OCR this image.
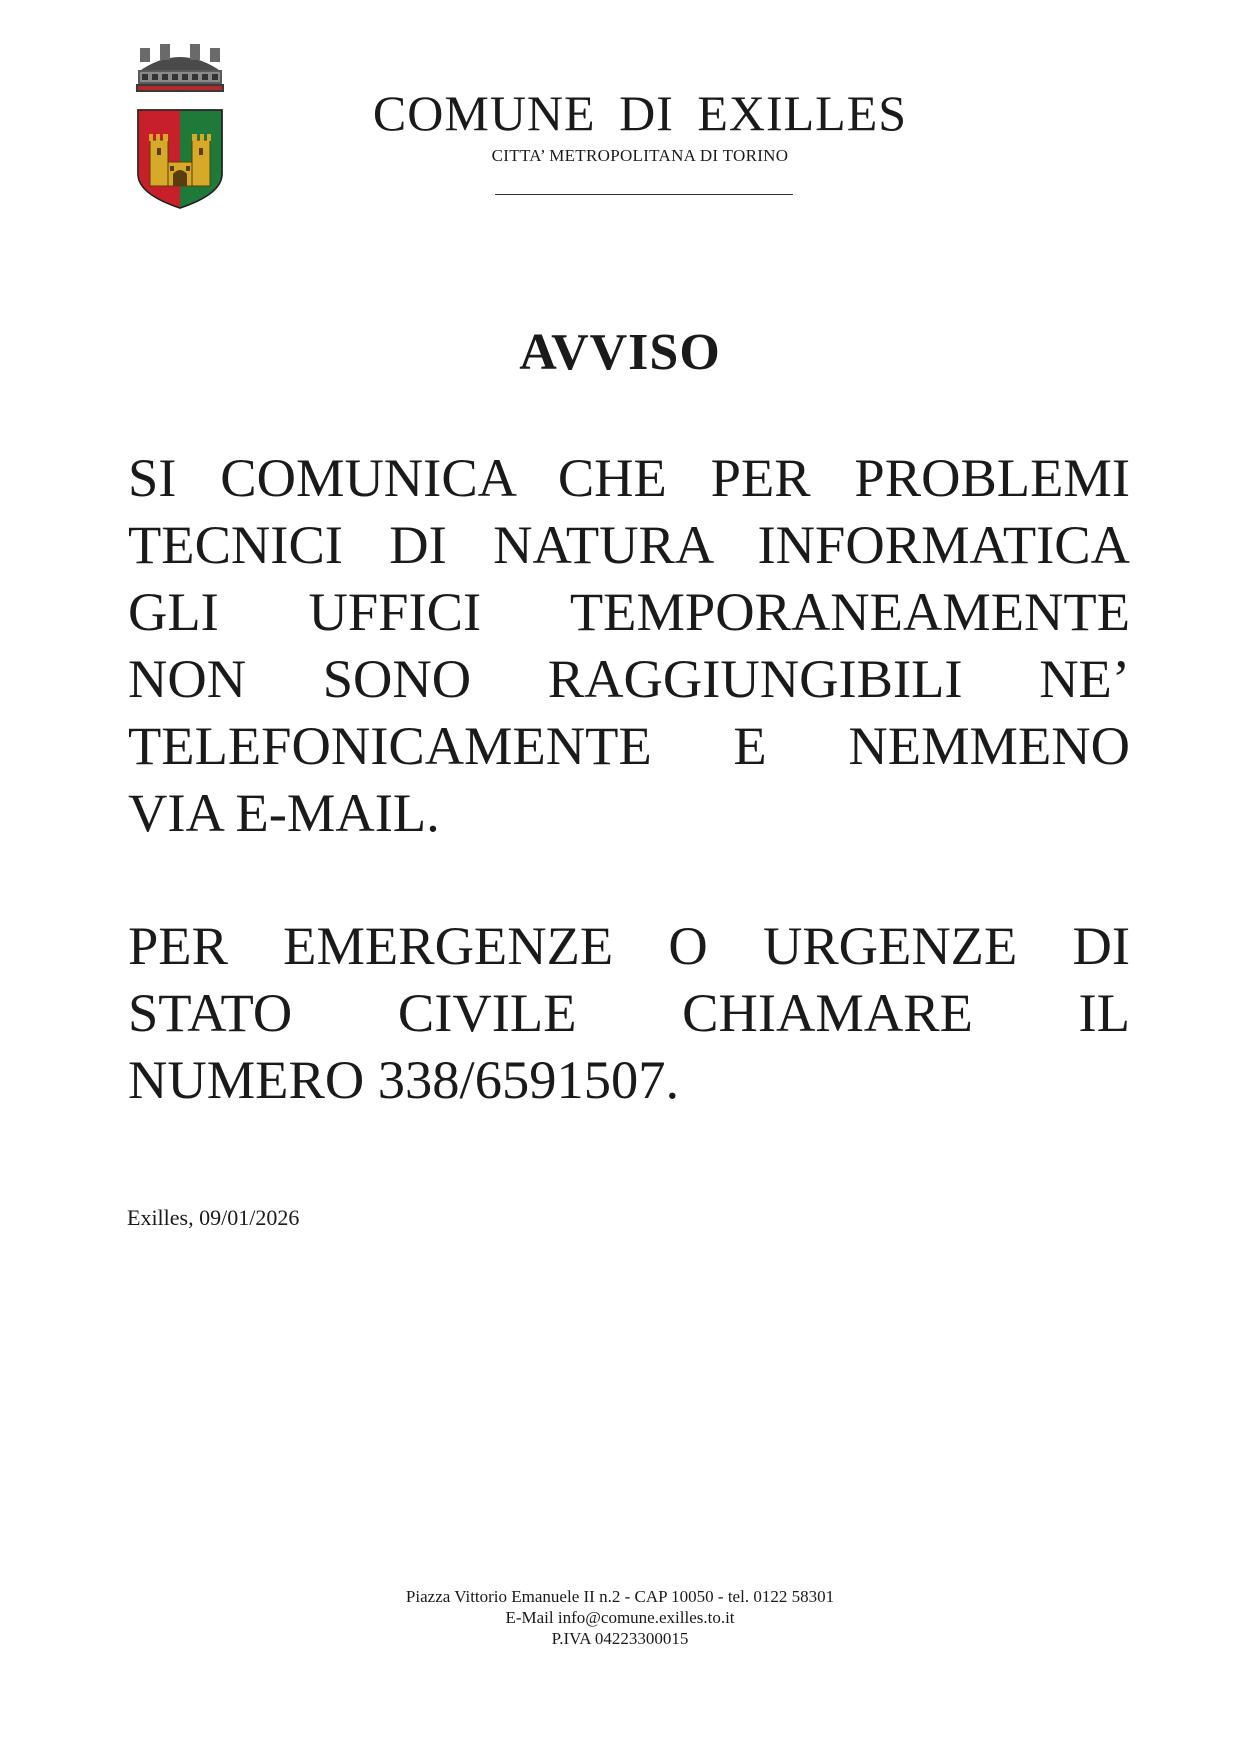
COMUNE DI EXILLES
CITTA’ METROPOLITANA DI TORINO
AVVISO
SI COMUNICA CHE PER PROBLEMI
TECNICI DI NATURA INFORMATICA
GLI UFFICI TEMPORANEAMENTE
NON SONO RAGGIUNGIBILI NE’
TELEFONICAMENTE E NEMMENO
VIA E-MAIL.
PER EMERGENZE O URGENZE DI
STATO CIVILE CHIAMARE IL
NUMERO 338/6591507.
Exilles, 09/01/2026
Piazza Vittorio Emanuele II n.2 - CAP 10050 - tel. 0122 58301
E-Mail info@comune.exilles.to.it
P.IVA 04223300015
